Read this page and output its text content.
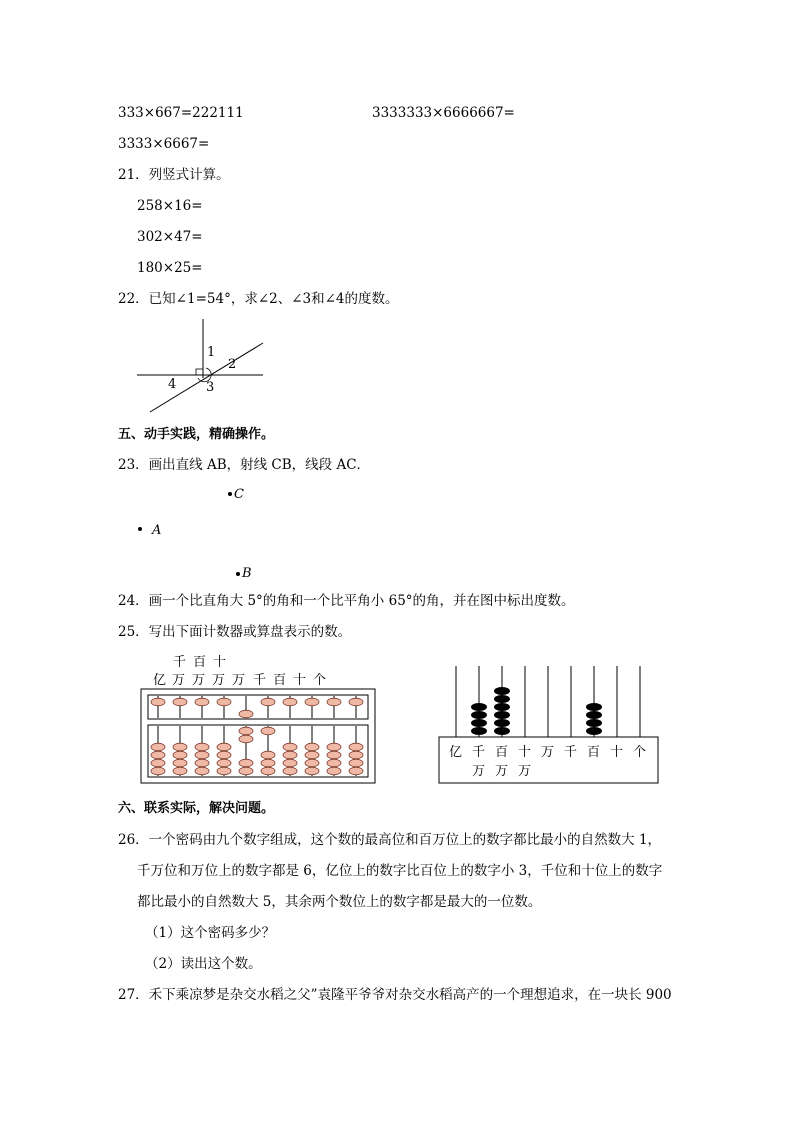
333×667=222111	3333333×6666667=
3333×6667=
21．列竖式计算。
258×16=
302×47=
180×25=
22．已知∠1=54°，求∠2、∠3和∠4的度数。
1
2
3
4
五、动手实践，精确操作。
23．画出直线 AB，射线 CB，线段 AC．
C
A
B
24．画一个比直角大 5°的角和一个比平角小 65°的角，并在图中标出度数。
25．写出下面计数器或算盘表示的数。
千 百 十
亿 万 万 万 万 千 百 十 个
亿 千 百 十 万 千 百 十 个
万 万 万
六、联系实际，解决问题。
26．一个密码由九个数字组成，这个数的最高位和百万位上的数字都比最小的自然数大 1，
千万位和万位上的数字都是 6，亿位上的数字比百位上的数字小 3，千位和十位上的数字
都比最小的自然数大 5，其余两个数位上的数字都是最大的一位数。
（1）这个密码多少？
（2）读出这个数。
27．禾下乘凉梦是杂交水稻之父”袁隆平爷爷对杂交水稻高产的一个理想追求，在一块长 900
